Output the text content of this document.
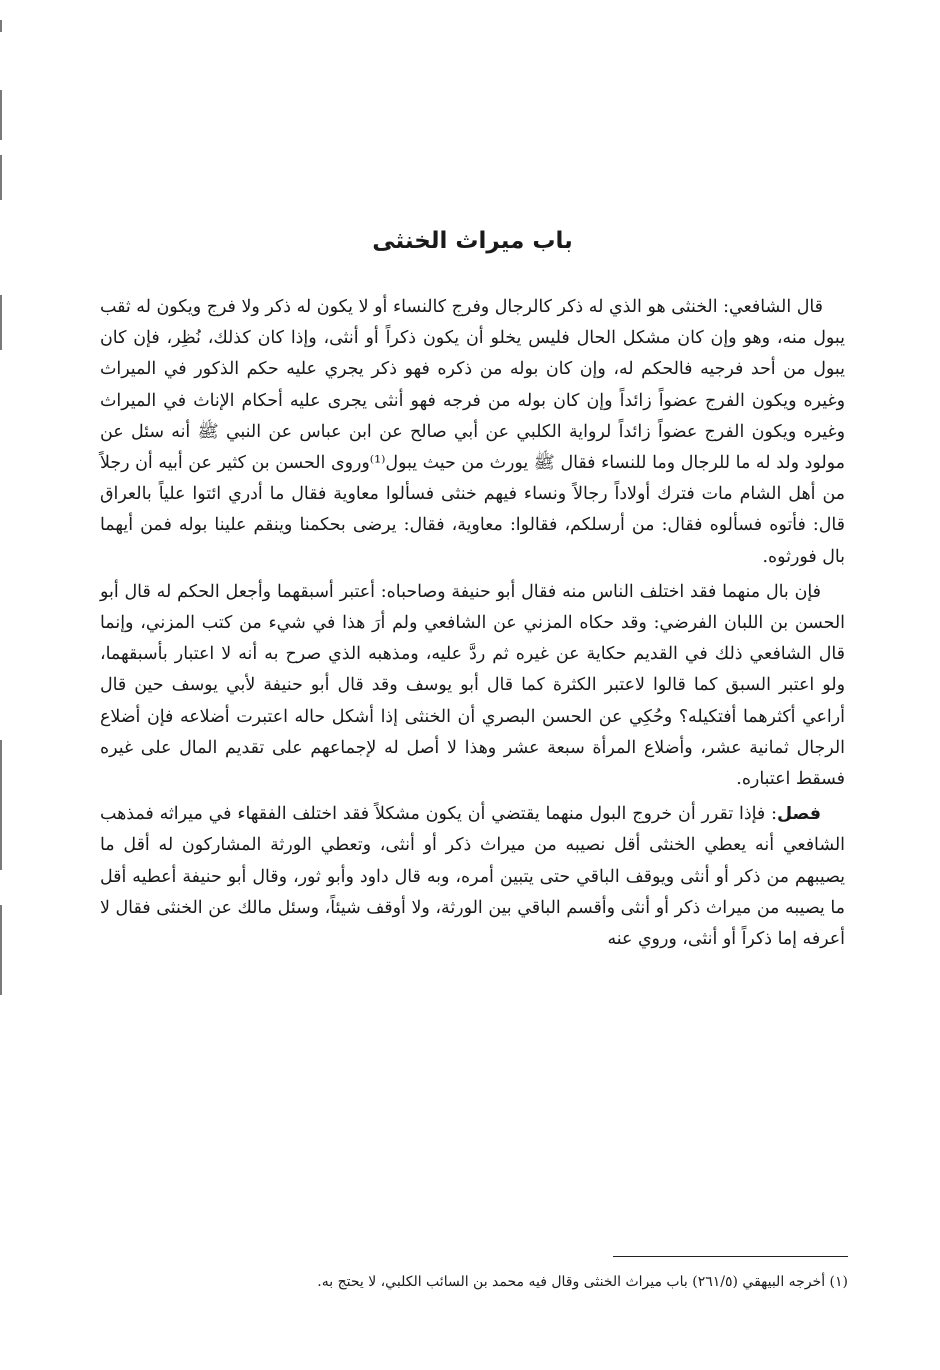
باب ميراث الخنثى

قال الشافعي: الخنثى هو الذي له ذكر كالرجال وفرج كالنساء أو لا يكون له ذكر ولا فرج ويكون له ثقب يبول منه، وهو وإن كان مشكل الحال فليس يخلو أن يكون ذكراً أو أنثى، وإذا كان كذلك، نُظِر، فإن كان يبول من أحد فرجيه فالحكم له، وإن كان بوله من ذكره فهو ذكر يجري عليه حكم الذكور في الميراث وغيره ويكون الفرج عضواً زائداً وإن كان بوله من فرجه فهو أنثى يجرى عليه أحكام الإناث في الميراث وغيره ويكون الفرج عضواً زائداً لرواية الكلبي عن أبي صالح عن ابن عباس عن النبي ﷺ أنه سئل عن مولود ولد له ما للرجال وما للنساء فقال ﷺ يورث من حيث يبول⁽¹⁾وروى الحسن بن كثير عن أبيه أن رجلاً من أهل الشام مات فترك أولاداً رجالاً ونساء فيهم خنثى فسألوا معاوية فقال ما أدري ائتوا علياً بالعراق قال: فأتوه فسألوه فقال: من أرسلكم، فقالوا: معاوية، فقال: يرضى بحكمنا وينقم علينا بوله فمن أيهما بال فورثوه.

فإن بال منهما فقد اختلف الناس منه فقال أبو حنيفة وصاحباه: أعتبر أسبقهما وأجعل الحكم له قال أبو الحسن بن اللبان الفرضي: وقد حكاه المزني عن الشافعي ولم أرَ هذا في شيء من كتب المزني، وإنما قال الشافعي ذلك في القديم حكاية عن غيره ثم ردَّ عليه، ومذهبه الذي صرح به أنه لا اعتبار بأسبقهما، ولو اعتبر السبق كما قالوا لاعتبر الكثرة كما قال أبو يوسف وقد قال أبو حنيفة لأبي يوسف حين قال أراعي أكثرهما أفتكيله؟ وحُكِي عن الحسن البصري أن الخنثى إذا أشكل حاله اعتبرت أضلاعه فإن أضلاع الرجال ثمانية عشر، وأضلاع المرأة سبعة عشر وهذا لا أصل له لإجماعهم على تقديم المال على غيره فسقط اعتباره.

فصل: فإذا تقرر أن خروج البول منهما يقتضي أن يكون مشكلاً فقد اختلف الفقهاء في ميراثه فمذهب الشافعي أنه يعطي الخنثى أقل نصيبه من ميراث ذكر أو أنثى، وتعطي الورثة المشاركون له أقل ما يصيبهم من ذكر أو أنثى ويوقف الباقي حتى يتبين أمره، وبه قال داود وأبو ثور، وقال أبو حنيفة أعطيه أقل ما يصيبه من ميراث ذكر أو أنثى وأقسم الباقي بين الورثة، ولا أوقف شيئاً، وسئل مالك عن الخنثى فقال لا أعرفه إما ذكراً أو أنثى، وروي عنه

(١) أخرجه البيهقي (٢٦١/٥) باب ميراث الخنثى وقال فيه محمد بن السائب الكلبي، لا يحتج به.
